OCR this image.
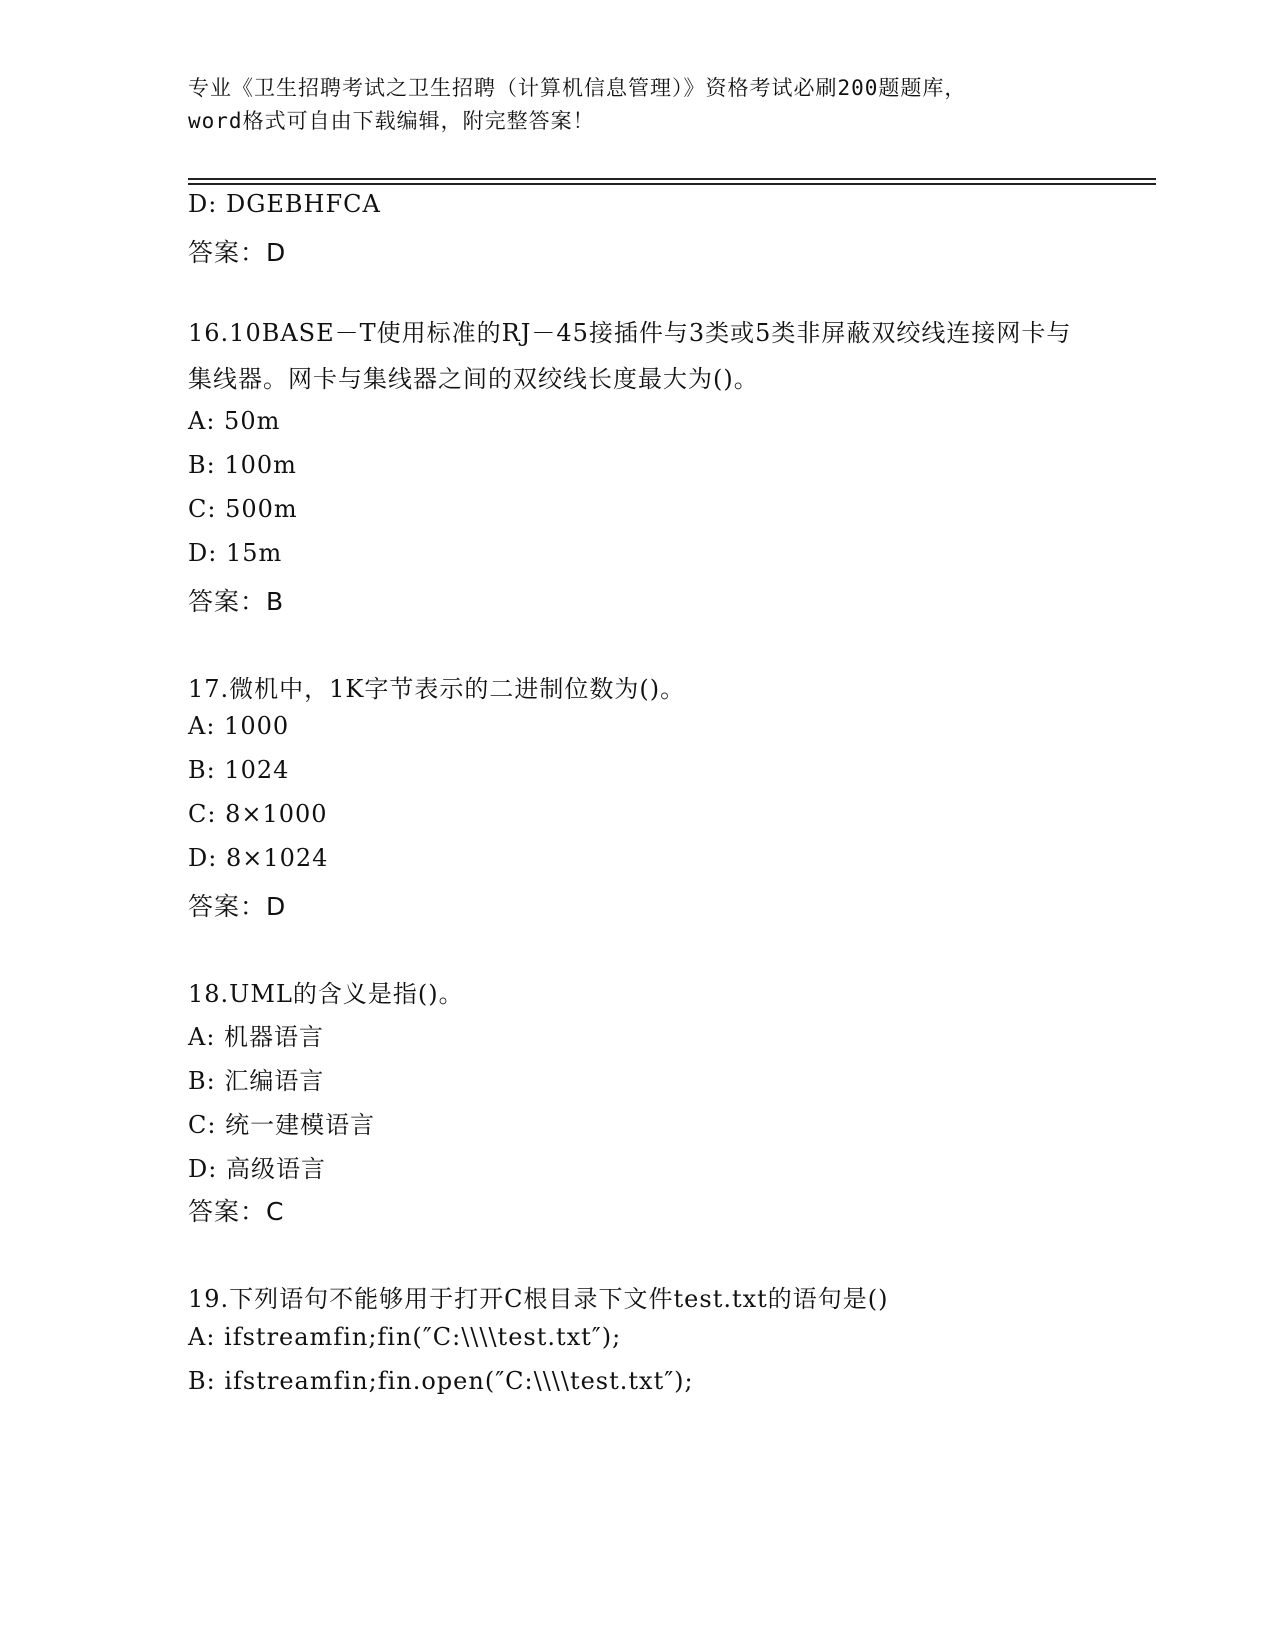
专业《卫生招聘考试之卫生招聘（计算机信息管理）》资格考试必刷200题题库，
word格式可自由下载编辑，附完整答案！
D: DGEBHFCA
答案：D
16.10BASE－T使用标准的RJ－45接插件与3类或5类非屏蔽双绞线连接网卡与集线器。网卡与集线器之间的双绞线长度最大为()。
A: 50m
B: 100m
C: 500m
D: 15m
答案：B
17.微机中，1K字节表示的二进制位数为()。
A: 1000
B: 1024
C: 8×1000
D: 8×1024
答案：D
18.UML的含义是指()。
A: 机器语言
B: 汇编语言
C: 统一建模语言
D: 高级语言
答案：C
19.下列语句不能够用于打开C根目录下文件test.txt的语句是()
A: ifstreamfin;fin(″C:\\\\test.txt″);
B: ifstreamfin;fin.open(″C:\\\\test.txt″);
